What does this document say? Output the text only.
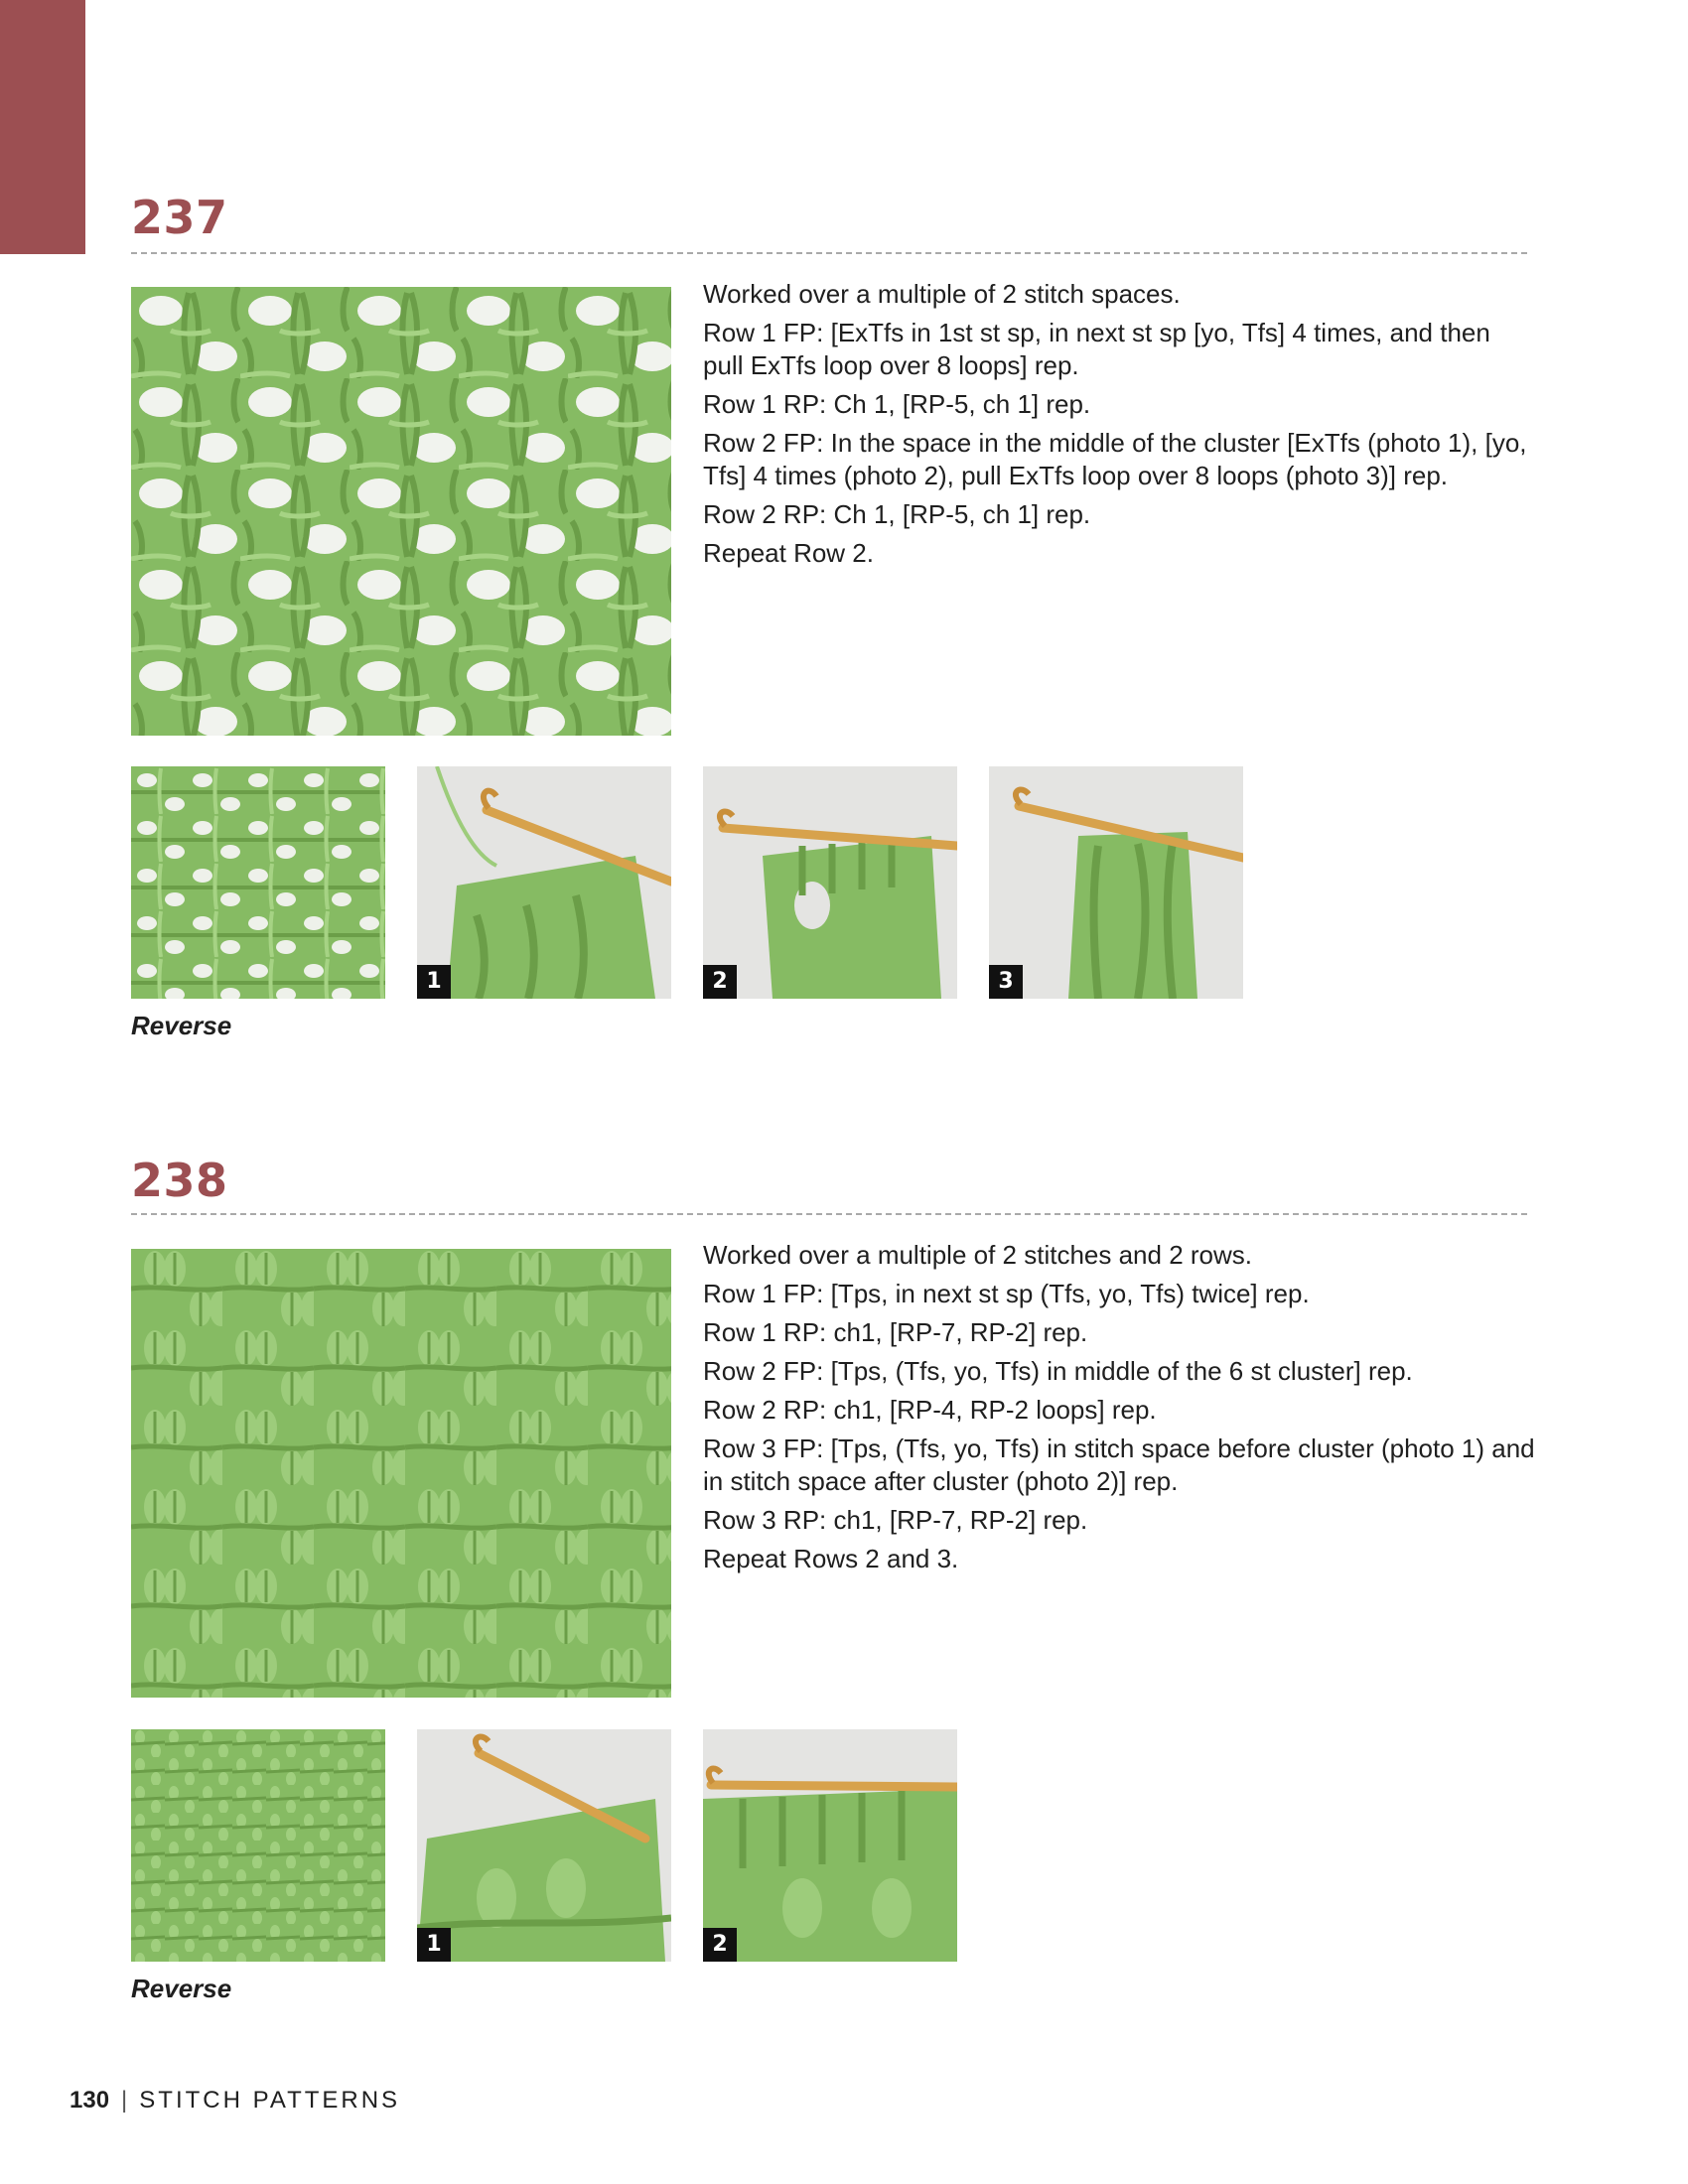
237

Worked over a multiple of 2 stitch spaces.

Row 1 FP: [ExTfs in 1st st sp, in next st sp [yo, Tfs] 4 times, and then pull ExTfs loop over 8 loops] rep.

Row 1 RP: Ch 1, [RP-5, ch 1] rep.

Row 2 FP: In the space in the middle of the cluster [ExTfs (photo 1), [yo, Tfs] 4 times (photo 2), pull ExTfs loop over 8 loops (photo 3)] rep.

Row 2 RP: Ch 1, [RP-5, ch 1] rep.

Repeat Row 2.

1	2	3
Reverse
238

Worked over a multiple of 2 stitches and 2 rows.

Row 1 FP: [Tps, in next st sp (Tfs, yo, Tfs) twice] rep.

Row 1 RP: ch1, [RP-7, RP-2] rep.

Row 2 FP: [Tps, (Tfs, yo, Tfs) in middle of the 6 st cluster] rep.

Row 2 RP: ch1, [RP-4, RP-2 loops] rep.

Row 3 FP: [Tps, (Tfs, yo, Tfs) in stitch space before cluster (photo 1) and in stitch space after cluster (photo 2)] rep.

Row 3 RP: ch1, [RP-7, RP-2] rep.

Repeat Rows 2 and 3.

1	2
Reverse
130 | STITCH PATTERNS
